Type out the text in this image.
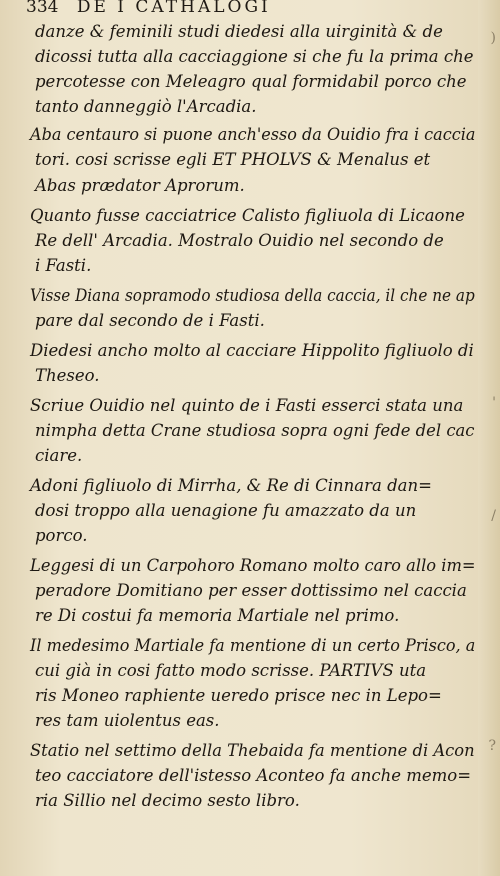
334 DE I CATHALOGI
danze & feminili studi diedesi alla uirginità & de
dicossi tutta alla cacciaggione si che fu la prima che
percotesse con Meleagro qual formidabil porco che
tanto danneggiò l'Arcadia.
Aba centauro si puone anch'esso da Ouidio fra i caccia
tori. cosi scrisse egli ET PHOLVS & Menalus et
Abas prædator Aprorum.
Quanto fusse cacciatrice Calisto figliuola di Licaone
Re dell' Arcadia. Mostralo Ouidio nel secondo de
i Fasti.
Visse Diana sopramodo studiosa della caccia, il che ne ap
pare dal secondo de i Fasti.
Diedesi ancho molto al cacciare Hippolito figliuolo di
Theseo.
Scriue Ouidio nel quinto de i Fasti esserci stata una
nimpha detta Crane studiosa sopra ogni fede del cac
ciare.
Adoni figliuolo di Mirrha, & Re di Cinnara dan=
dosi troppo alla uenagione fu amazzato da un
porco.
Leggesi di un Carpohoro Romano molto caro allo im=
peradore Domitiano per esser dottissimo nel caccia
re Di costui fa memoria Martiale nel primo.
Il medesimo Martiale fa mentione di un certo Prisco, a
cui già in cosi fatto modo scrisse. PARTIVS uta
ris Moneo raphiente ueredo prisce nec in Lepo=
res tam uiolentus eas.
Statio nel settimo della Thebaida fa mentione di Acon
teo cacciatore dell'istesso Aconteo fa anche memo=
ria Sillio nel decimo sesto libro.
)
'
/
?
